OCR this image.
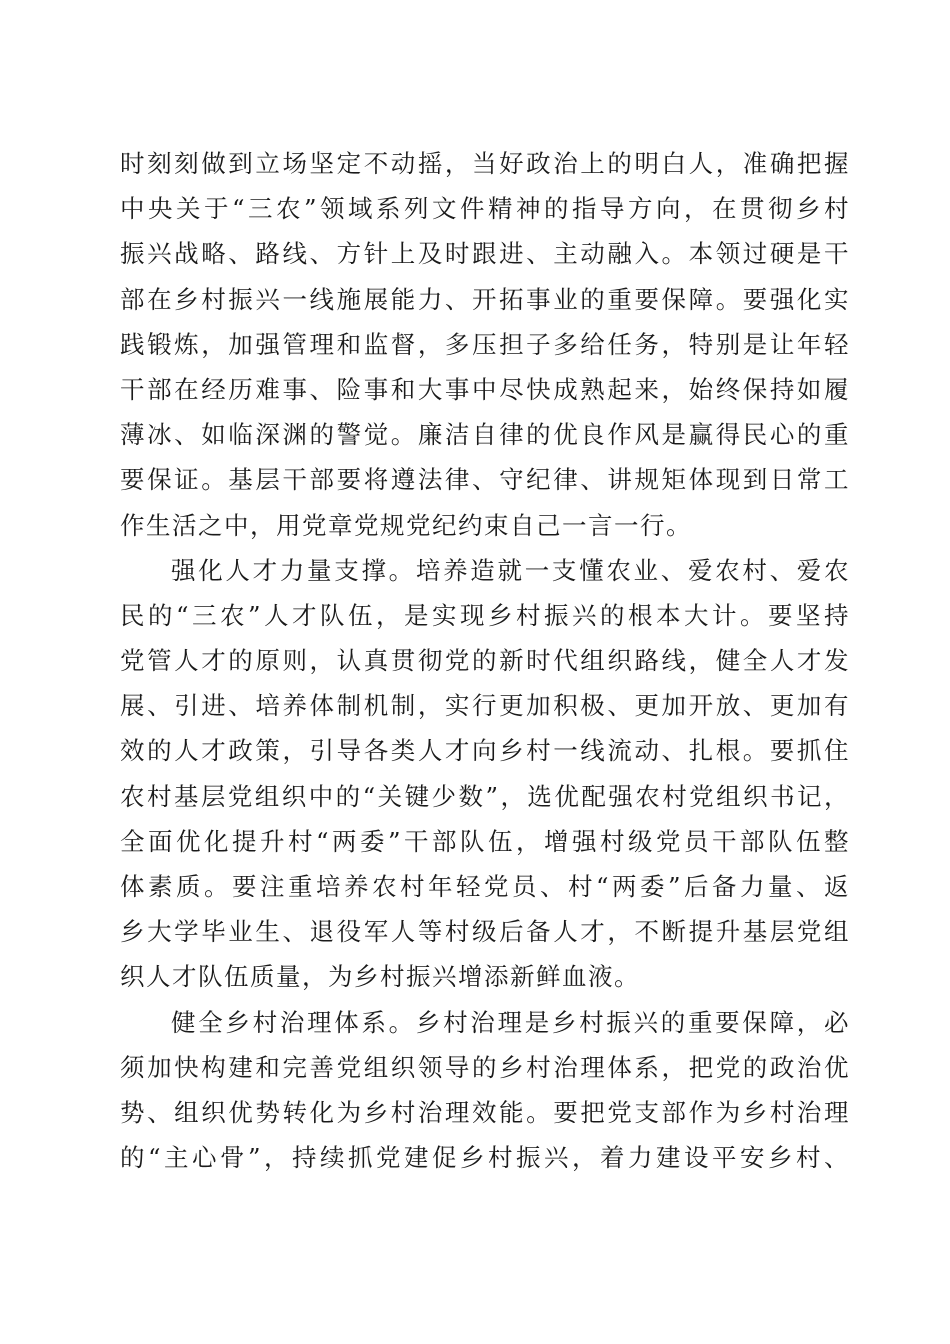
时刻刻做到立场坚定不动摇，当好政治上的明白人，准确把握
中央关于“三农”领域系列文件精神的指导方向，在贯彻乡村
振兴战略、路线、方针上及时跟进、主动融入。本领过硬是干
部在乡村振兴一线施展能力、开拓事业的重要保障。要强化实
践锻炼，加强管理和监督，多压担子多给任务，特别是让年轻
干部在经历难事、险事和大事中尽快成熟起来，始终保持如履
薄冰、如临深渊的警觉。廉洁自律的优良作风是赢得民心的重
要保证。基层干部要将遵法律、守纪律、讲规矩体现到日常工
作生活之中，用党章党规党纪约束自己一言一行。
强化人才力量支撑。培养造就一支懂农业、爱农村、爱农
民的“三农”人才队伍，是实现乡村振兴的根本大计。要坚持
党管人才的原则，认真贯彻党的新时代组织路线，健全人才发
展、引进、培养体制机制，实行更加积极、更加开放、更加有
效的人才政策，引导各类人才向乡村一线流动、扎根。要抓住
农村基层党组织中的“关键少数”，选优配强农村党组织书记，
全面优化提升村“两委”干部队伍，增强村级党员干部队伍整
体素质。要注重培养农村年轻党员、村“两委”后备力量、返
乡大学毕业生、退役军人等村级后备人才，不断提升基层党组
织人才队伍质量，为乡村振兴增添新鲜血液。
健全乡村治理体系。乡村治理是乡村振兴的重要保障，必
须加快构建和完善党组织领导的乡村治理体系，把党的政治优
势、组织优势转化为乡村治理效能。要把党支部作为乡村治理
的“主心骨”，持续抓党建促乡村振兴，着力建设平安乡村、
